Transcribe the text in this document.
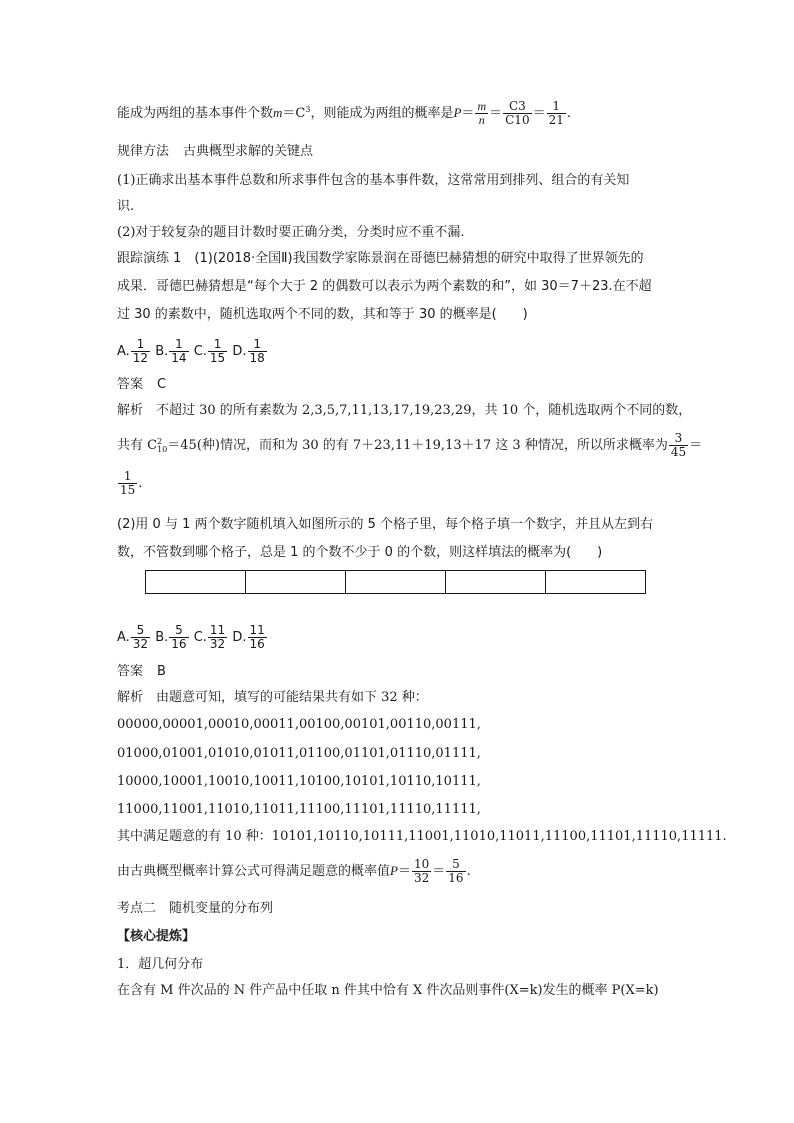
能成为两组的基本事件个数$m=C^3$，则能成为两组的概率是$P= \frac{m}{n} = \frac{C3}{C10} = \frac{1}{21}$ .
规律方法 古典概型求解的关键点
(1)正确求出基本事件总数和所求事件包含的基本事件数，这常常用到排列、组合的有关知
识.
(2)对于较复杂的题目计数时要正确分类，分类时应不重不漏.
跟踪演练 1　(1)(2018·全国Ⅱ)我国数学家陈景润在哥德巴赫猜想的研究中取得了世界领先的
成果．哥德巴赫猜想是“每个大于 2 的偶数可以表示为两个素数的和”，如 30＝7＋23.在不超
过 30 的素数中，随机选取两个不同的数，其和等于 30 的概率是(　　)
A. $\frac{1}{12} B$. $\frac{1}{14} C$. $\frac{1}{15} D$. $\frac{1}{18}$
答案 C
解析　不超过 30 的所有素数为 2,3,5,7,11,13,17,19,23,29，共 10 个，随机选取两个不同的数，
共有 C 2
10 ＝45(种)情况，而和为 30 的有 7＋23,11＋19,13＋17 这 3 种情况，所以所求概率为 $\frac{3}{45}$ ＝
$\frac{1}{15}$ .
(2)用 0 与 1 两个数字随机填入如图所示的 5 个格子里，每个格子填一个数字，并且从左到右
数，不管数到哪个格子，总是 1 的个数不少于 0 的个数，则这样填法的概率为(　　)
A. $\frac{5}{32} B$. $\frac{5}{16} C$. $\frac{11}{32} D$. $\frac{11}{16}$
答案 B
解析　由题意可知，填写的可能结果共有如下 32 种：
00000,00001,00010,00011,00100,00101,00110,00111,
01000,01001,01010,01011,01100,01101,01110,01111,
10000,10001,10010,10011,10100,10101,10110,10111,
11000,11001,11010,11011,11100,11101,11110,11111,
其中满足题意的有 10 种：10101,10110,10111,11001,11010,11011,11100,11101,11110,11111.
由古典概型概率计算公式可得满足题意的概率值$P= \frac{10}{32} = \frac{5}{16}$ .
考点二　随机变量的分布列
【核心提炼】
1．超几何分布
在含有 M 件次品的 N 件产品中任取 n 件其中恰有 X 件次品则事件(X=k)发生的概率 P(X=k)
